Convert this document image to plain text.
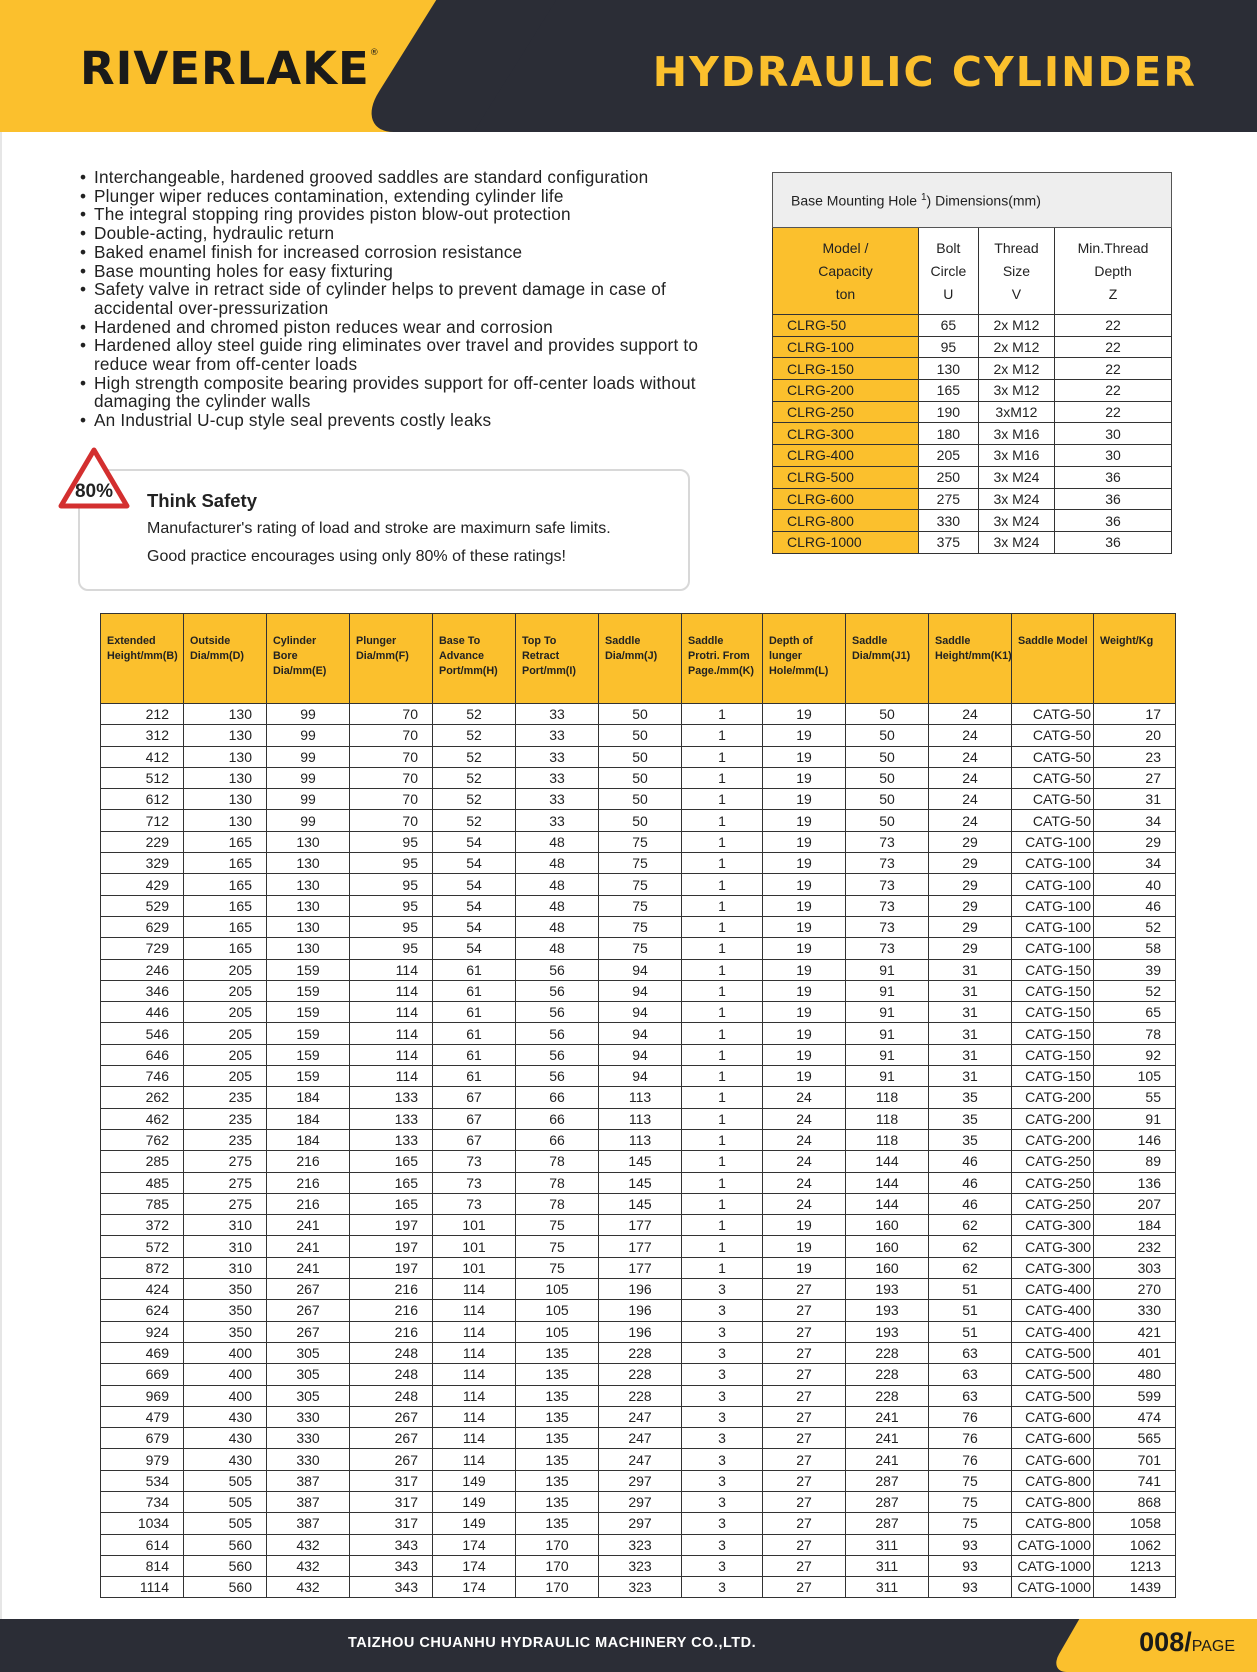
RIVERLAKE®	HYDRAULIC CYLINDER
• Interchangeable, hardened grooved saddles are standard configuration
• Plunger wiper reduces contamination, extending cylinder life
• The integral stopping ring provides piston blow-out protection
• Double-acting, hydraulic return
• Baked enamel finish for increased corrosion resistance
• Base mounting holes for easy fixturing
• Safety valve in retract side of cylinder helps to prevent damage in case of accidental over-pressurization
• Hardened and chromed piston reduces wear and corrosion
• Hardened alloy steel guide ring eliminates over travel and provides support to reduce wear from off-center loads
• High strength composite bearing provides support for off-center loads without damaging the cylinder walls
• An Industrial U-cup style seal prevents costly leaks
80% Think Safety
Manufacturer's rating of load and stroke are maximurn safe limits.
Good practice encourages using only 80% of these ratings!
Base Mounting Hole $^1$) Dimensions(mm)			
Model /
Capacity
ton	Bolt
Circle
U	Thread
Size
V	Min.Thread
Depth
Z
CLRG-50	65	2x M12	22
CLRG-100	95	2x M12	22
CLRG-150	130	2x M12	22
CLRG-200	165	3x M12	22
CLRG-250	190	3xM12	22
CLRG-300	180	3x M16	30
CLRG-400	205	3x M16	30
CLRG-500	250	3x M24	36
CLRG-600	275	3x M24	36
CLRG-800	330	3x M24	36
CLRG-1000	375	3x M24	36
Extended
Height/mm(B)	Outside
Dia/mm(D)	Cylinder
Bore
Dia/mm(E)	Plunger
Dia/mm(F)	Base To
Advance
Port/mm(H)	Top To
Retract
Port/mm(I)	Saddle
Dia/mm(J)	Saddle
Protri. From
Page./mm(K)	Depth of
lunger
Hole/mm(L)	Saddle
Dia/mm(J1)	Saddle
Height/mm(K1)	Saddle Model	Weight/Kg
212	130	99	70	52	33	50	1	19	50	24	CATG-50	17
312	130	99	70	52	33	50	1	19	50	24	CATG-50	20
412	130	99	70	52	33	50	1	19	50	24	CATG-50	23
512	130	99	70	52	33	50	1	19	50	24	CATG-50	27
612	130	99	70	52	33	50	1	19	50	24	CATG-50	31
712	130	99	70	52	33	50	1	19	50	24	CATG-50	34
229	165	130	95	54	48	75	1	19	73	29	CATG-100	29
329	165	130	95	54	48	75	1	19	73	29	CATG-100	34
429	165	130	95	54	48	75	1	19	73	29	CATG-100	40
529	165	130	95	54	48	75	1	19	73	29	CATG-100	46
629	165	130	95	54	48	75	1	19	73	29	CATG-100	52
729	165	130	95	54	48	75	1	19	73	29	CATG-100	58
246	205	159	114	61	56	94	1	19	91	31	CATG-150	39
346	205	159	114	61	56	94	1	19	91	31	CATG-150	52
446	205	159	114	61	56	94	1	19	91	31	CATG-150	65
546	205	159	114	61	56	94	1	19	91	31	CATG-150	78
646	205	159	114	61	56	94	1	19	91	31	CATG-150	92
746	205	159	114	61	56	94	1	19	91	31	CATG-150	105
262	235	184	133	67	66	113	1	24	118	35	CATG-200	55
462	235	184	133	67	66	113	1	24	118	35	CATG-200	91
762	235	184	133	67	66	113	1	24	118	35	CATG-200	146
285	275	216	165	73	78	145	1	24	144	46	CATG-250	89
485	275	216	165	73	78	145	1	24	144	46	CATG-250	136
785	275	216	165	73	78	145	1	24	144	46	CATG-250	207
372	310	241	197	101	75	177	1	19	160	62	CATG-300	184
572	310	241	197	101	75	177	1	19	160	62	CATG-300	232
872	310	241	197	101	75	177	1	19	160	62	CATG-300	303
424	350	267	216	114	105	196	3	27	193	51	CATG-400	270
624	350	267	216	114	105	196	3	27	193	51	CATG-400	330
924	350	267	216	114	105	196	3	27	193	51	CATG-400	421
469	400	305	248	114	135	228	3	27	228	63	CATG-500	401
669	400	305	248	114	135	228	3	27	228	63	CATG-500	480
969	400	305	248	114	135	228	3	27	228	63	CATG-500	599
479	430	330	267	114	135	247	3	27	241	76	CATG-600	474
679	430	330	267	114	135	247	3	27	241	76	CATG-600	565
979	430	330	267	114	135	247	3	27	241	76	CATG-600	701
534	505	387	317	149	135	297	3	27	287	75	CATG-800	741
734	505	387	317	149	135	297	3	27	287	75	CATG-800	868
1034	505	387	317	149	135	297	3	27	287	75	CATG-800	1058
614	560	432	343	174	170	323	3	27	311	93	CATG-1000	1062
814	560	432	343	174	170	323	3	27	311	93	CATG-1000	1213
1114	560	432	343	174	170	323	3	27	311	93	CATG-1000	1439
TAIZHOU CHUANHU HYDRAULIC MACHINERY CO.,LTD.	008/PAGE
